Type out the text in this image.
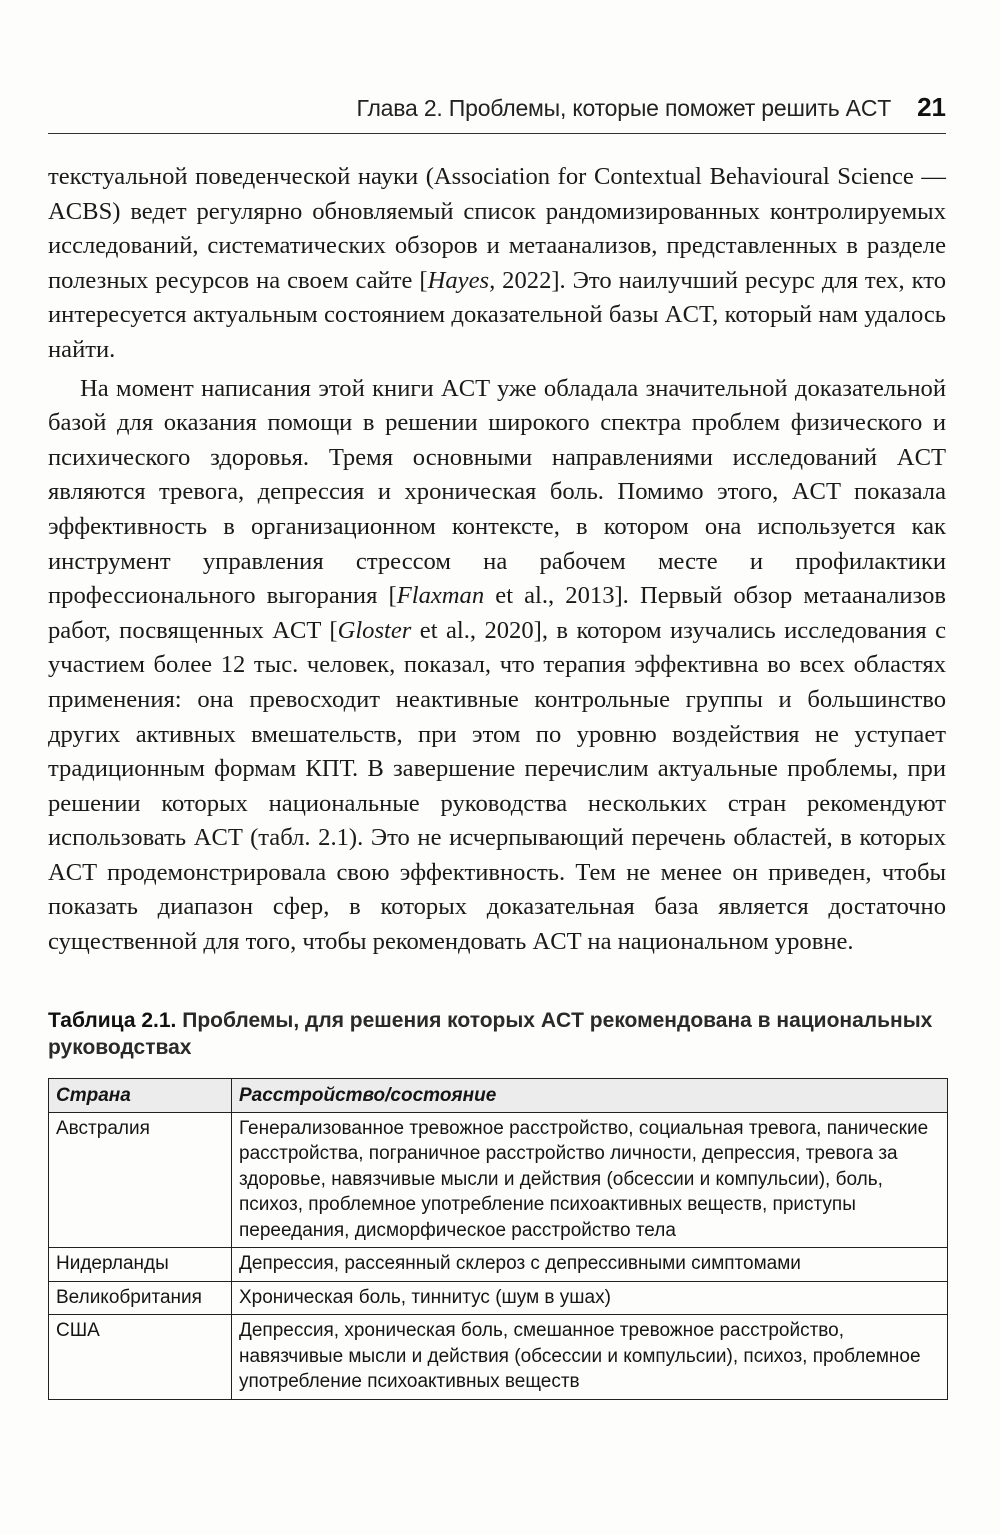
Глава 2. Проблемы, которые поможет решить ACT 21

текстуальной поведенческой науки (Association for Contextual Behavioural Science — ACBS) ведет регулярно обновляемый список рандомизированных контролируемых исследований, систематических обзоров и метаанализов, представленных в разделе полезных ресурсов на своем сайте [Hayes, 2022]. Это наилучший ресурс для тех, кто интересуется актуальным состоянием доказательной базы ACT, который нам удалось найти.

На момент написания этой книги ACT уже обладала значительной доказательной базой для оказания помощи в решении широкого спектра проблем физического и психического здоровья. Тремя основными направлениями исследований ACT являются тревога, депрессия и хроническая боль. Помимо этого, ACT показала эффективность в организационном контексте, в котором она используется как инструмент управления стрессом на рабочем месте и профилактики профессионального выгорания [Flaxman et al., 2013]. Первый обзор метаанализов работ, посвященных ACT [Gloster et al., 2020], в котором изучались исследования с участием более 12 тыс. человек, показал, что терапия эффективна во всех областях применения: она превосходит неактивные контрольные группы и большинство других активных вмешательств, при этом по уровню воздействия не уступает традиционным формам КПТ. В завершение перечислим актуальные проблемы, при решении которых национальные руководства нескольких стран рекомендуют использовать ACT (табл. 2.1). Это не исчерпывающий перечень областей, в которых ACT продемонстрировала свою эффективность. Тем не менее он приведен, чтобы показать диапазон сфер, в которых доказательная база является достаточно существенной для того, чтобы рекомендовать ACT на национальном уровне.

Таблица 2.1. Проблемы, для решения которых ACT рекомендована в национальных руководствах
Страна	Расстройство/состояние
Австралия	Генерализованное тревожное расстройство, социальная тревога, панические расстройства, пограничное расстройство личности, депрессия, тревога за здоровье, навязчивые мысли и действия (обсессии и компульсии), боль, психоз, проблемное употребление психоактивных веществ, приступы переедания, дисморфическое расстройство тела
Нидерланды	Депрессия, рассеянный склероз с депрессивными симптомами
Великобритания	Хроническая боль, тиннитус (шум в ушах)
США	Депрессия, хроническая боль, смешанное тревожное расстройство, навязчивые мысли и действия (обсессии и компульсии), психоз, проблемное употребление психоактивных веществ
